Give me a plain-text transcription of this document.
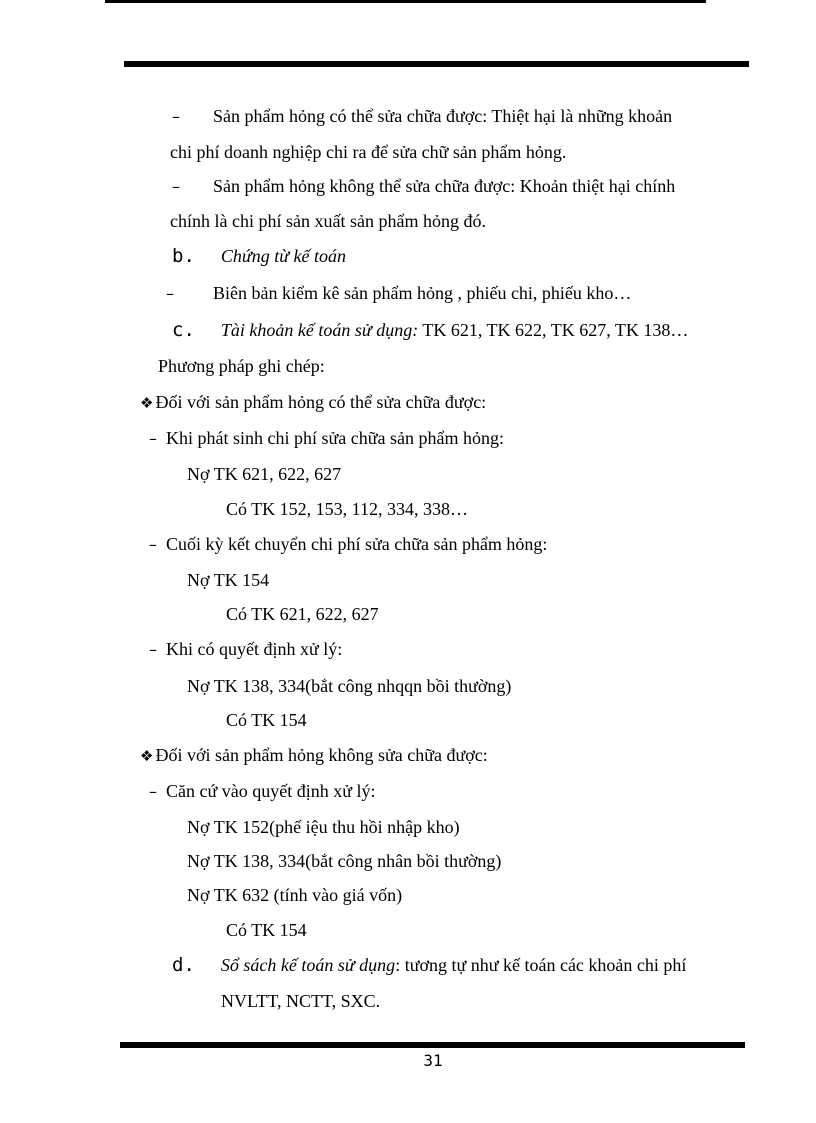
– Sản phẩm hỏng có thể sửa chữa được: Thiệt hại là những khoản
chi phí doanh nghiệp chi ra để sửa chữ sản phẩm hỏng.
– Sản phẩm hỏng không thể sửa chữa được: Khoản thiệt hại chính
chính là chi phí sản xuất sản phẩm hỏng đó.
b. Chứng từ kế toán
– Biên bản kiểm kê sản phẩm hỏng , phiếu chi, phiếu kho…
c. Tài khoản kế toán sử dụng: TK 621, TK 622, TK 627, TK 138…
Phương pháp ghi chép:
❖ Đối với sản phẩm hỏng có thể sửa chữa được:
– Khi phát sinh chi phí sửa chữa sản phẩm hỏng:
Nợ TK 621, 622, 627
Có TK 152, 153, 112, 334, 338…
– Cuối kỳ kết chuyển chi phí sửa chữa sản phẩm hỏng:
Nợ TK 154
Có TK 621, 622, 627
– Khi có quyết định xử lý:
Nợ TK 138, 334(bắt công nhqqn bồi thường)
Có TK 154
❖ Đối với sản phẩm hỏng không sửa chữa được:
– Căn cứ vào quyết định xử lý:
Nợ TK 152(phế iệu thu hồi nhập kho)
Nợ TK 138, 334(bắt công nhân bồi thường)
Nợ TK 632 (tính vào giá vốn)
Có TK 154
d. Sổ sách kế toán sử dụng: tương tự như kế toán các khoản chi phí
NVLTT, NCTT, SXC.
31
